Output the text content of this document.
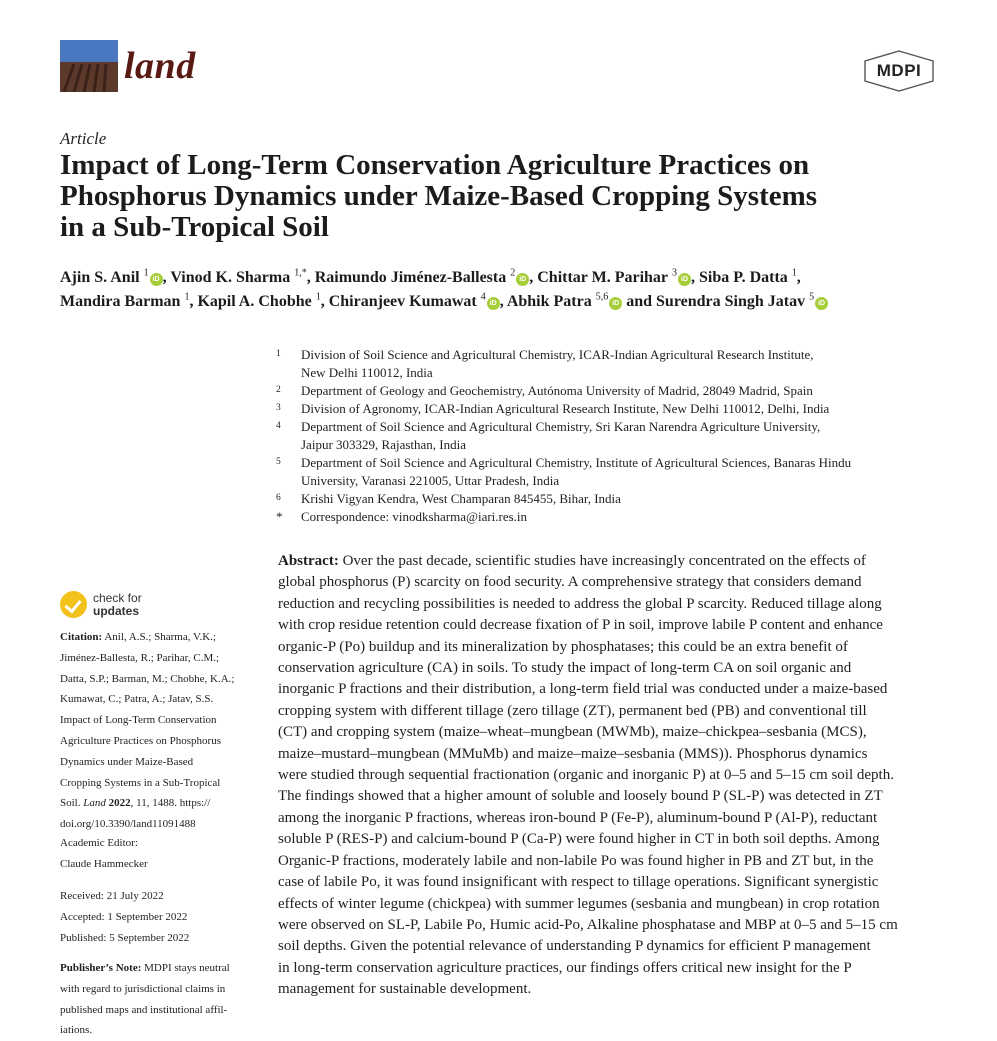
land	MDPI
Article
Impact of Long-Term Conservation Agriculture Practices on
Phosphorus Dynamics under Maize-Based Cropping Systems
in a Sub-Tropical Soil
Ajin S. Anil $^1$iD , Vinod K. Sharma $^{1,*}$, Raimundo Jiménez-Ballesta $^2$iD , Chittar M. Parihar $^3$iD , Siba P. Datta $^1$,
Mandira Barman $^1$, Kapil A. Chobhe $^1$, Chiranjeev Kumawat $^4$iD , Abhik Patra $^{5,6}$iD and Surendra Singh Jatav $^5$iD
1 Division of Soil Science and Agricultural Chemistry, ICAR-Indian Agricultural Research Institute,
New Delhi 110012, India
2 Department of Geology and Geochemistry, Autónoma University of Madrid, 28049 Madrid, Spain
3 Division of Agronomy, ICAR-Indian Agricultural Research Institute, New Delhi 110012, Delhi, India
4 Department of Soil Science and Agricultural Chemistry, Sri Karan Narendra Agriculture University,
Jaipur 303329, Rajasthan, India
5 Department of Soil Science and Agricultural Chemistry, Institute of Agricultural Sciences, Banaras Hindu
University, Varanasi 221005, Uttar Pradesh, India
6 Krishi Vigyan Kendra, West Champaran 845455, Bihar, India
* Correspondence: vinodksharma@iari.res.in
Abstract: Over the past decade, scientific studies have increasingly concentrated on the effects of
global phosphorus (P) scarcity on food security. A comprehensive strategy that considers demand
reduction and recycling possibilities is needed to address the global P scarcity. Reduced tillage along
with crop residue retention could decrease fixation of P in soil, improve labile P content and enhance
organic-P (Po) buildup and its mineralization by phosphatases; this could be an extra benefit of
conservation agriculture (CA) in soils. To study the impact of long-term CA on soil organic and
inorganic P fractions and their distribution, a long-term field trial was conducted under a maize-based
cropping system with different tillage (zero tillage (ZT), permanent bed (PB) and conventional till
(CT) and cropping system (maize–wheat–mungbean (MWMb), maize–chickpea–sesbania (MCS),
maize–mustard–mungbean (MMuMb) and maize–maize–sesbania (MMS)). Phosphorus dynamics
were studied through sequential fractionation (organic and inorganic P) at 0–5 and 5–15 cm soil depth.
The findings showed that a higher amount of soluble and loosely bound P (SL-P) was detected in ZT
among the inorganic P fractions, whereas iron-bound P (Fe-P), aluminum-bound P (Al-P), reductant
soluble P (RES-P) and calcium-bound P (Ca-P) were found higher in CT in both soil depths. Among
Organic-P fractions, moderately labile and non-labile Po was found higher in PB and ZT but, in the
case of labile Po, it was found insignificant with respect to tillage operations. Significant synergistic
effects of winter legume (chickpea) with summer legumes (sesbania and mungbean) in crop rotation
were observed on SL-P, Labile Po, Humic acid-Po, Alkaline phosphatase and MBP at 0–5 and 5–15 cm
soil depths. Given the potential relevance of understanding P dynamics for efficient P management
in long-term conservation agriculture practices, our findings offers critical new insight for the P
management for sustainable development.
check for
updates
Citation: Anil, A.S.; Sharma, V.K.;
Jiménez-Ballesta, R.; Parihar, C.M.;
Datta, S.P.; Barman, M.; Chobhe, K.A.;
Kumawat, C.; Patra, A.; Jatav, S.S.
Impact of Long-Term Conservation
Agriculture Practices on Phosphorus
Dynamics under Maize-Based
Cropping Systems in a Sub-Tropical
Soil. Land 2022, 11, 1488. https://
doi.org/10.3390/land11091488
Academic Editor:
Claude Hammecker
Received: 21 July 2022
Accepted: 1 September 2022
Published: 5 September 2022
Publisher’s Note: MDPI stays neutral
with regard to jurisdictional claims in
published maps and institutional affil-
iations.
